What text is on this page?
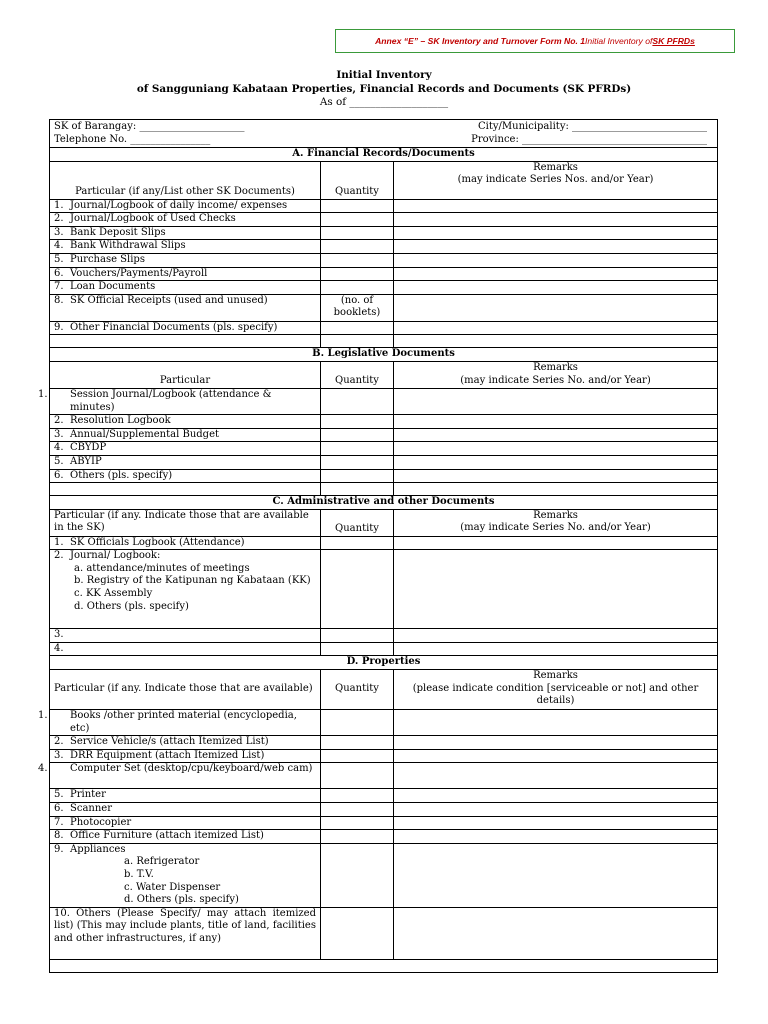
Annex “E” – SK Inventory and Turnover Form No. 1 Initial Inventory of SK PFRDs
Initial Inventory
of Sangguniang Kabataan Properties, Financial Records and Documents (SK PFRDs)
As of ___________________
SK of Barangay: _____________________ City/Municipality: ___________________________
Telephone No. ________________ Province: _____________________________________		

A. Financial Records/Documents		
Particular (if any/List other SK Documents)	Quantity	Remarks
(may indicate Series Nos. and/or Year)

1. Journal/Logbook of daily income/ expenses		
2. Journal/Logbook of Used Checks		
3. Bank Deposit Slips		
4. Bank Withdrawal Slips		
5. Purchase Slips		
6. Vouchers/Payments/Payroll		
7. Loan Documents		
8. SK Official Receipts (used and unused)	(no. of booklets)	
9. Other Financial Documents (pls. specify)		

B. Legislative Documents		
Particular	Quantity	Remarks
(may indicate Series No. and/or Year)

1. Session Journal/Logbook (attendance & minutes)		

2. Resolution Logbook		
3. Annual/Supplemental Budget		
4. CBYDP		
5. ABYIP		
6. Others (pls. specify)		

C. Administrative and other Documents		
Particular (if any. Indicate those that are available in the SK)	Quantity	Remarks
(may indicate Series No. and/or Year)

1. SK Officials Logbook (Attendance)		

2. Journal/ Logbook:
a. attendance/minutes of meetings
b. Registry of the Katipunan ng Kabataan (KK)
c. KK Assembly
d. Others (pls. specify)		

3.		
4.		
D. Properties		
Particular (if any. Indicate those that are available)	Quantity	Remarks
(please indicate condition [serviceable or not] and other details)

1. Books /other printed material (encyclopedia, etc)		

2. Service Vehicle/s (attach Itemized List)		
3. DRR Equipment (attach Itemized List)		

4. Computer Set (desktop/cpu/keyboard/web cam)		

5. Printer		
6. Scanner		
7. Photocopier		
8. Office Furniture (attach itemized List)		

9. Appliances
a. Refrigerator
b. T.V.
c. Water Dispenser
d. Others (pls. specify)		

10. Others (Please Specify/ may attach itemized list) (This may include plants, title of land, facilities and other infrastructures, if any)		
